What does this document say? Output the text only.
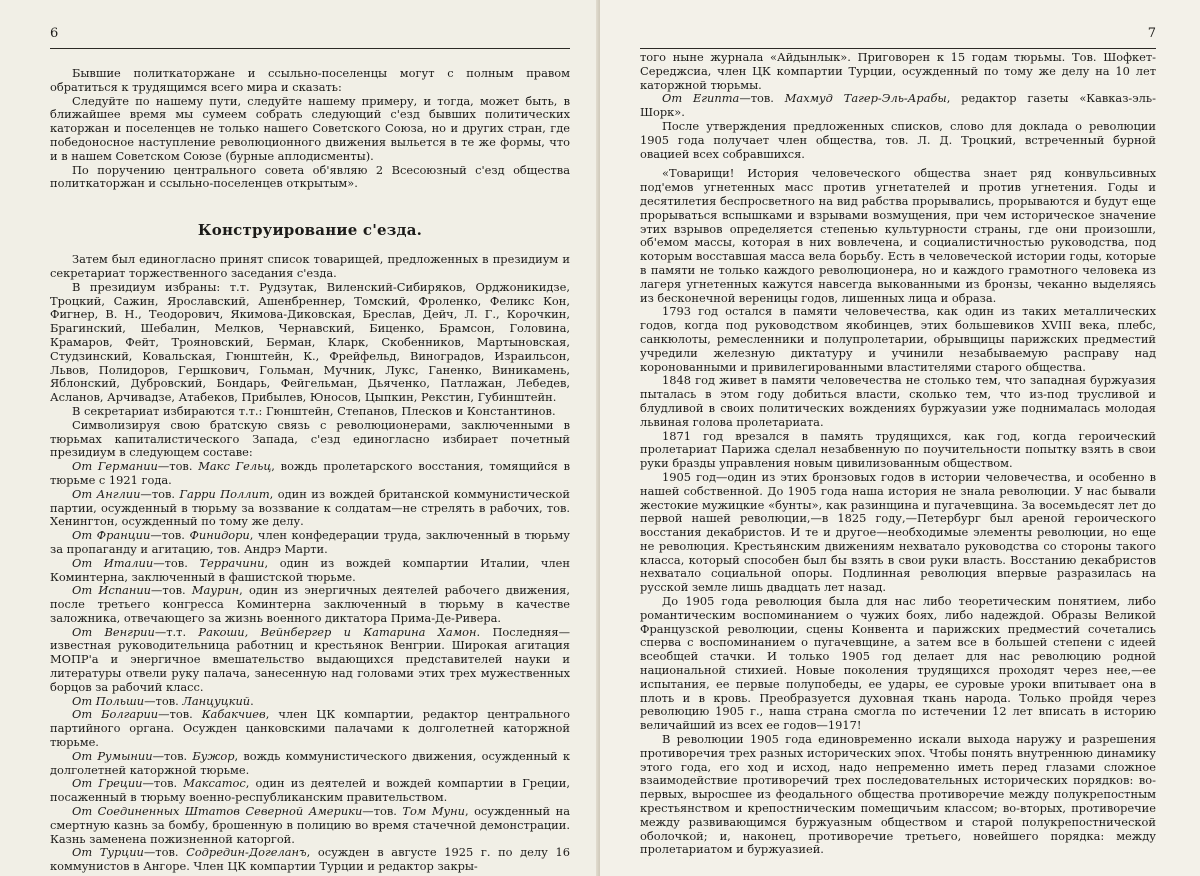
6

Бывшие политкаторжане и ссыльно-поселенцы могут с полным правом обратиться к трудящимся всего мира и сказать:

Следуйте по нашему пути, следуйте нашему примеру, и тогда, может быть, в ближайшее время мы сумеем собрать следующий с'езд бывших политических каторжан и поселенцев не только нашего Советского Союза, но и других стран, где победоносное наступление революционного движения выльется в те же формы, что и в нашем Советском Союзе (бурные аплодисменты).

По поручению центрального совета об'являю 2 Всесоюзный с'езд общества политкаторжан и ссыльно-поселенцев открытым».

Конструирование с'езда.

Затем был единогласно принят список товарищей, предложенных в президиум и секретариат торжественного заседания с'езда.

В президиум избраны: т.т. Рудзутак, Виленский-Сибиряков, Орджоникидзе, Троцкий, Сажин, Ярославский, Ашенбреннер, Томский, Фроленко, Феликс Кон, Фигнер, В. Н., Теодорович, Якимова-Диковская, Бреслав, Дейч, Л. Г., Корочкин, Брагинский, Шебалин, Мелков, Чернавский, Биценко, Брамсон, Головина, Крамаров, Фейт, Трояновский, Берман, Кларк, Скобенников, Мартыновская, Студзинский, Ковальская, Гюнштейн, К., Фрейфельд, Виноградов, Израильсон, Львов, Полидоров, Гершкович, Гольман, Мучник, Лукс, Ганенко, Виникамень, Яблонский, Дубровский, Бондарь, Фейгельман, Дьяченко, Патлажан, Лебедев, Асланов, Арчивадзе, Атабеков, Прибылев, Юносов, Цыпкин, Рекстин, Губинштейн.

В секретариат избираются т.т.: Гюнштейн, Степанов, Плесков и Константинов.

Символизируя свою братскую связь с революционерами, заключенными в тюрьмах капиталистического Запада, с'езд единогласно избирает почетный президиум в следующем составе:

От Германии—тов. Макс Гельц, вождь пролетарского восстания, томящийся в тюрьме с 1921 года.

От Англии—тов. Гарри Поллит, один из вождей британской коммунистической партии, осужденный в тюрьму за воззвание к солдатам—не стрелять в рабочих, тов. Хенингтон, осужденный по тому же делу.

От Франции—тов. Финидори, член конфедерации труда, заключенный в тюрьму за пропаганду и агитацию, тов. Андрэ Марти.

От Италии—тов. Террачини, один из вождей компартии Италии, член Коминтерна, заключенный в фашистской тюрьме.

От Испании—тов. Маурин, один из энергичных деятелей рабочего движения, после третьего конгресса Коминтерна заключенный в тюрьму в качестве заложника, отвечающего за жизнь военного диктатора Прима-Де-Ривера.

От Венгрии—т.т. Ракоши, Вейнбергер и Катарина Хамон. Последняя—известная руководительница работниц и крестьянок Венгрии. Широкая агитация МОПР'а и энергичное вмешательство выдающихся представителей науки и литературы отвели руку палача, занесенную над головами этих трех мужественных борцов за рабочий класс.

От Польши—тов. Ланцуцкий.

От Болгарии—тов. Кабакчиев, член ЦК компартии, редактор центрального партийного органа. Осужден цанковскими палачами к долголетней каторжной тюрьме.

От Румынии—тов. Бужор, вождь коммунистического движения, осужденный к долголетней каторжной тюрьме.

От Греции—тов. Максатос, один из деятелей и вождей компартии в Греции, посаженный в тюрьму военно-республиканским правительством.

От Соединенных Штатов Северной Америки—тов. Том Муни, осужденный на смертную казнь за бомбу, брошенную в полицию во время стачечной демонстрации. Казнь заменена пожизненной каторгой.

От Турции—тов. Содредин-Догеланъ, осужден в августе 1925 г. по делу 16 коммунистов в Ангоре. Член ЦК компартии Турции и редактор закры-

7

того ныне журнала «Айдынлык». Приговорен к 15 годам тюрьмы. Тов. Шофкет-Середжсиа, член ЦК компартии Турции, осужденный по тому же делу на 10 лет каторжной тюрьмы.

От Египта—тов. Махмуд Тагер-Эль-Арабы, редактор газеты «Кавказ-эль-Шорк».

После утверждения предложенных списков, слово для доклада о революции 1905 года получает член общества, тов. Л. Д. Троцкий, встреченный бурной овацией всех собравшихся.

«Товарищи! История человеческого общества знает ряд конвульсивных под'емов угнетенных масс против угнетателей и против угнетения. Годы и десятилетия беспросветного на вид рабства прорывались, прорываются и будут еще прорываться вспышками и взрывами возмущения, при чем историческое значение этих взрывов определяется степенью культурности страны, где они произошли, об'емом массы, которая в них вовлечена, и социалистичностью руководства, под которым восставшая масса вела борьбу. Есть в человеческой истории годы, которые в памяти не только каждого революционера, но и каждого грамотного человека из лагеря угнетенных кажутся навсегда выкованными из бронзы, чеканно выделяясь из бесконечной вереницы годов, лишенных лица и образа.

1793 год остался в памяти человечества, как один из таких металлических годов, когда под руководством якобинцев, этих большевиков XVIII века, плебс, санкюлоты, ремесленники и полупролетарии, обрывщицы парижских предместий учредили железную диктатуру и учинили незабываемую расправу над коронованными и привилегированными властителями старого общества.

1848 год живет в памяти человечества не столько тем, что западная буржуазия пыталась в этом году добиться власти, сколько тем, что из-под трусливой и блудливой в своих политических вождениях буржуазии уже поднималась молодая львиная голова пролетариата.

1871 год врезался в память трудящихся, как год, когда героический пролетариат Парижа сделал незабвенную по поучительности попытку взять в свои руки бразды управления новым цивилизованным обществом.

1905 год—один из этих бронзовых годов в истории человечества, и особенно в нашей собственной. До 1905 года наша история не знала революции. У нас бывали жестокие мужицкие «бунты», как разинщина и пугачевщина. За восемьдесят лет до первой нашей революции,—в 1825 году,—Петербург был ареной героического восстания декабристов. И те и другое—необходимые элементы революции, но еще не революция. Крестьянским движениям нехватало руководства со стороны такого класса, который способен был бы взять в свои руки власть. Восстанию декабристов нехватало социальной опоры. Подлинная революция впервые разразилась на русской земле лишь двадцать лет назад.

До 1905 года революция была для нас либо теоретическим понятием, либо романтическим воспоминанием о чужих боях, либо надеждой. Образы Великой Французской революции, сцены Конвента и парижских предместий сочетались сперва с воспоминанием о пугачевщине, а затем все в большей степени с идеей всеобщей стачки. И только 1905 год делает для нас революцию родной национальной стихией. Новые поколения трудящихся проходят через нее,—ее испытания, ее первые полупобеды, ее удары, ее суровые уроки впитывает она в плоть и в кровь. Преобразуется духовная ткань народа. Только пройдя через революцию 1905 г., наша страна смогла по истечении 12 лет вписать в историю величайший из всех ее годов—1917!

В революции 1905 года единовременно искали выхода наружу и разрешения противоречия трех разных исторических эпох. Чтобы понять внутреннюю динамику этого года, его ход и исход, надо непременно иметь перед глазами сложное взаимодействие противоречий трех последовательных исторических порядков: во-первых, выросшее из феодального общества противоречие между полукрепостным крестьянством и крепостническим помещичьим классом; во-вторых, противоречие между развивающимся буржуазным обществом и старой полукрепостнической оболочкой; и, наконец, противоречие третьего, новейшего порядка: между пролетариатом и буржуазией.
